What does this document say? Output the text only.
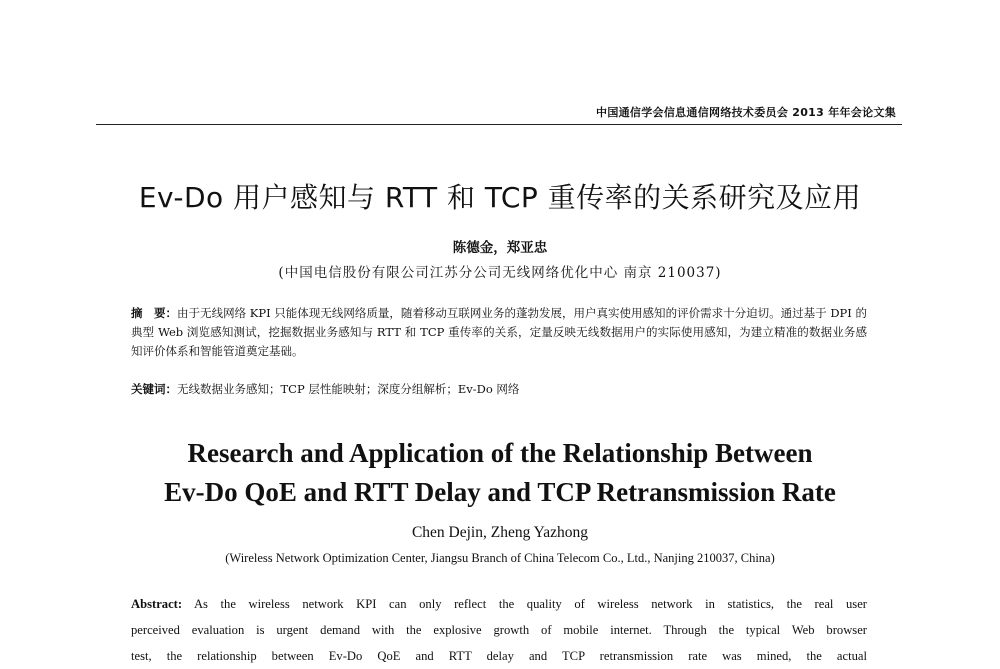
中国通信学会信息通信网络技术委员会 2013 年年会论文集
Ev-Do 用户感知与 RTT 和 TCP 重传率的关系研究及应用
陈德金，郑亚忠
(中国电信股份有限公司江苏分公司无线网络优化中心 南京 210037)
摘　要：由于无线网络 KPI 只能体现无线网络质量，随着移动互联网业务的蓬勃发展，用户真实使用感知的评价需求十分迫切。通过基于 DPI 的典型 Web 浏览感知测试，挖掘数据业务感知与 RTT 和 TCP 重传率的关系，定量反映无线数据用户的实际使用感知，为建立精准的数据业务感知评价体系和智能管道奠定基础。
关键词：无线数据业务感知；TCP 层性能映射；深度分组解析；Ev-Do 网络
Research and Application of the Relationship Between
Ev-Do QoE and RTT Delay and TCP Retransmission Rate
Chen Dejin, Zheng Yazhong
(Wireless Network Optimization Center, Jiangsu Branch of China Telecom Co., Ltd., Nanjing 210037, China)
Abstract: As the wireless network KPI can only reflect the quality of wireless network in statistics, the real user
perceived evaluation is urgent demand with the explosive growth of mobile internet. Through the typical Web browser
test, the relationship between Ev-Do QoE and RTT delay and TCP retransmission rate was mined, the actual
